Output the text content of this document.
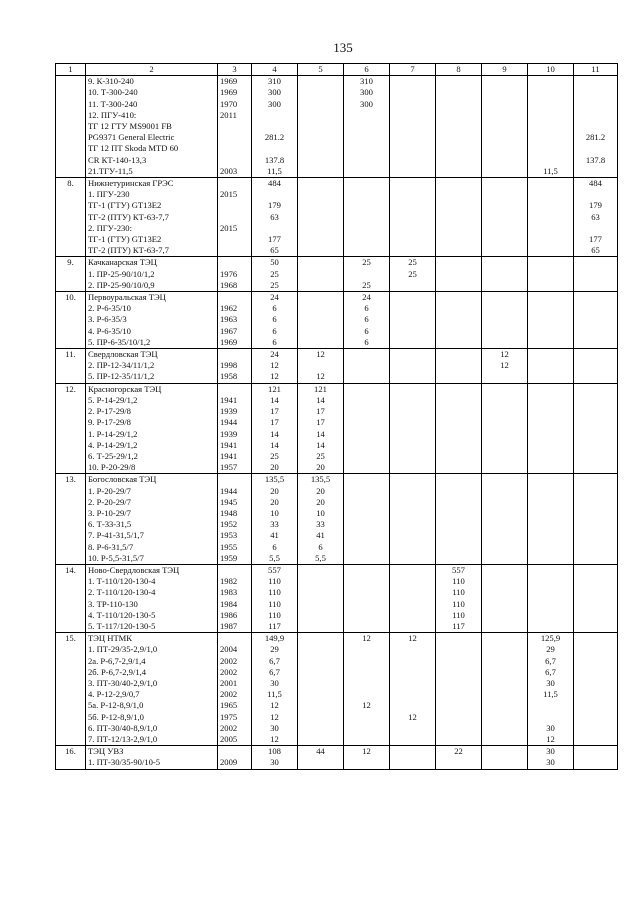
135
1	2	3	4	5	6	7	8	9	10	11
	9. К-310-240	1969	310		310					
	10. Т-300-240	1969	300		300					
	11. Т-300-240	1970	300		300					
	12. ПГУ-410:	2011								
	ТГ 12 ГТУ MS9001 FB									
	PG9371 General Electric		281.2							281.2
	ТГ 12 ПТ Skoda MTD 60									
	CR КТ-140-13,3		137.8							137.8
	21.ТГУ-11,5	2003	11,5						11,5	
8.	Нижнетуринская ГРЭС		484							484
	1. ПГУ-230	2015								
	ТГ-1 (ГТУ) GT13E2		179							179
	ТГ-2 (ПТУ) КТ-63-7,7		63							63
	2. ПГУ-230:	2015								
	ТГ-1 (ГТУ) GT13E2		177							177
	ТГ-2 (ПТУ) КТ-63-7,7		65							65
9.	Качканарская ТЭЦ		50		25	25				
	1. ПР-25-90/10/1,2	1976	25			25				
	2. ПР-25-90/10/0,9	1968	25		25					
10.	Первоуральская ТЭЦ		24		24					
	2. Р-6-35/10	1962	6		6					
	3. Р-6-35/3	1963	6		6					
	4. Р-6-35/10	1967	6		6					
	5. ПР-6-35/10/1,2	1969	6		6					
11.	Свердловская ТЭЦ		24	12				12		
	2. ПР-12-34/11/1,2	1998	12					12		
	5. ПР-12-35/11/1,2	1958	12	12						
12.	Красногорская ТЭЦ		121	121						
	5. Р-14-29/1,2	1941	14	14						
	2. Р-17-29/8	1939	17	17						
	9. Р-17-29/8	1944	17	17						
	1. Р-14-29/1,2	1939	14	14						
	4. Р-14-29/1,2	1941	14	14						
	6. Т-25-29/1,2	1941	25	25						
	10. Р-20-29/8	1957	20	20						
13.	Богословская ТЭЦ		135,5	135,5						
	1. Р-20-29/7	1944	20	20						
	2. Р-20-29/7	1945	20	20						
	3. Р-10-29/7	1948	10	10						
	6. Т-33-31,5	1952	33	33						
	7. Р-41-31,5/1,7	1953	41	41						
	8. Р-6-31,5/7	1955	6	6						
	10. Р-5,5-31,5/7	1959	5,5	5,5						
14.	Ново-Свердловская ТЭЦ		557				557			
	1. Т-110/120-130-4	1982	110				110			
	2. Т-110/120-130-4	1983	110				110			
	3. ТР-110-130	1984	110				110			
	4. Т-110/120-130-5	1986	110				110			
	5. Т-117/120-130-5	1987	117				117			
15.	ТЭЦ НТМК		149,9		12	12			125,9	
	1. ПТ-29/35-2,9/1,0	2004	29						29	
	2а. Р-6,7-2,9/1,4	2002	6,7						6,7	
	2б. Р-6,7-2,9/1,4	2002	6,7						6,7	
	3. ПТ-30/40-2,9/1,0	2001	30						30	
	4. Р-12-2,9/0,7	2002	11,5						11,5	
	5а. Р-12-8,9/1,0	1965	12		12					
	5б. Р-12-8,9/1,0	1975	12			12				
	6. ПТ-30/40-8,9/1,0	2002	30						30	
	7. ПТ-12/13-2,9/1,0	2005	12						12	
16.	ТЭЦ УВЗ		108	44	12		22		30	
	1. ПТ-30/35-90/10-5	2009	30						30	
